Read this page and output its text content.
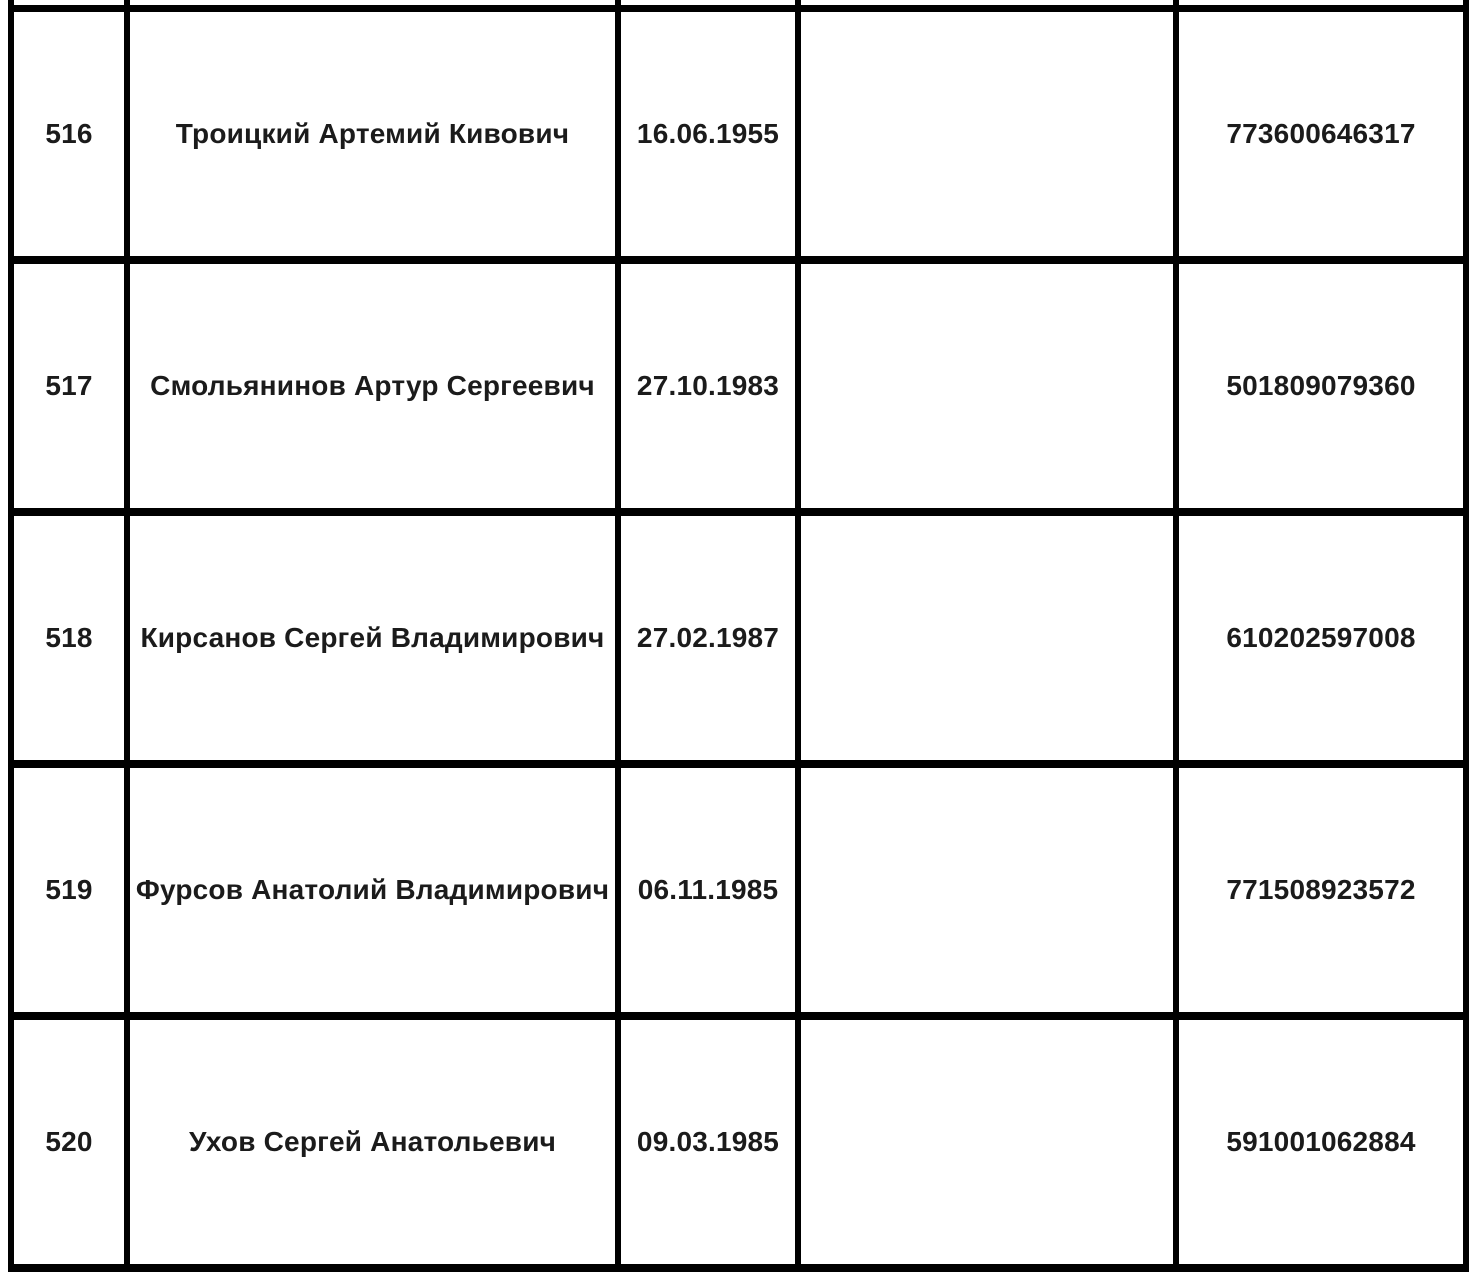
516	Троицкий Артемий Кивович	16.06.1955	773600646317
517	Смольянинов Артур Сергеевич	27.10.1983	501809079360
518	Кирсанов Сергей Владимирович	27.02.1987	610202597008
519	Фурсов Анатолий Владимирович	06.11.1985	771508923572
520	Ухов Сергей Анатольевич	09.03.1985	591001062884
